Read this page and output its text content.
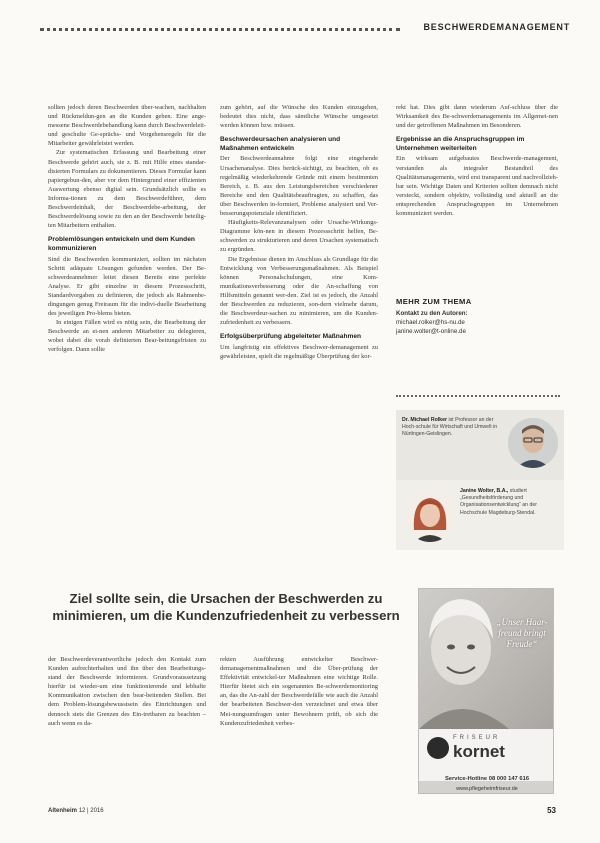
BESCHWERDEMANAGEMENT

sollten jedoch deren Beschwerden über-wachen, nachhalten und Rückmeldun-gen an die Kunden geben. Eine ange-messene Beschwerdebehandlung kann durch Beschwerdeleit- und geschulte Ge-sprächs- und Vorgehensregeln für die Mitarbeiter gewährleistet werden.

Zur systematischen Erfassung und Bearbeitung einer Beschwerde gehört auch, sie z. B. mit Hilfe eines standar-disierten Formulars zu dokumentieren. Dieses Formular kann papiergebun-den, aber vor dem Hintergrund einer effizienten Auswertung ebenso digital sein. Grundsätzlich sollte es Informa-tionen zu dem Beschwerdeführer, dem Beschwerdeinhalt, der Beschwerdebe-arbeitung, der Beschwerdelösung sowie zu den an der Beschwerde beteilig-ten Mitarbeitern enthalten.

Problemlösungen entwickeln und dem Kunden kommunizieren

Sind die Beschwerden kommuniziert, sollten im nächsten Schritt adäquate Lösungen gefunden werden. Der Be-schwerdeannehmer leitet diesen Bereits eine perfekte Analyse. Er gibt einzelne in diesem Prozessschritt, Standardvorgaben zu definieren, die jedoch als Rahmenbe-dingungen genug Freiraum für die indivi-duelle Bearbeitung des jeweiligen Pro-blems bieten.

In einigen Fällen wird es nötig sein, die Bearbeitung der Beschwerde an ei-nen anderen Mitarbeiter zu delegieren, wobei dabei die vorab definierten Bear-beitungsfristen zu verfolgen. Dann sollte

zum gehört, auf die Wünsche des Kunden einzugehen, bedeutet dies nicht, dass sämtliche Wünsche umgesetzt werden können bzw. müssen.

Beschwerdeursachen analysieren und Maßnahmen entwickeln

Der Beschwerdeannahme folgt eine eingehende Ursachenanalyse. Dies berück-sichtigt, zu beachten, ob es regelmäßig wiederkehrende Gründe mit einem bestimmten Bereich, z. B. aus den Leistungsbereichen verschiedener Bereiche und den Qualitätsbeauftragten, zu schaffen, das über Beschwerden in-formiert, Probleme analysiert und Ver-besserungspotenziale identifiziert.

Häufigkeits-Relevanzanalysen oder Ursache-Wirkungs-Diagramme kön-nen in diesem Prozessschritt helfen, Be-schwerden zu strukturieren und deren Ursachen systematisch zu ergründen.

Die Ergebnisse dienen im Anschluss als Grundlage für die Entwicklung von Verbesserungsmaßnahmen. Als Beispiel können Personalschulungen, eine Kom-munikationsverbesserung oder die An-schaffung von Hilfsmitteln genannt wer-den. Ziel ist es jedoch, die Anzahl der Beschwerden zu reduzieren, son-dern vielmehr darum, die Beschwerdeur-sachen zu minimieren, um die Kunden-zufriedenheit zu verbessern.

Erfolgsüberprüfung abgeleiteter Maßnahmen

Um langfristig ein effektives Beschwer-demanagement zu gewährleisten, spielt die regelmäßige Überprüfung der kor-

rekt hat. Dies gibt dann wiederum Auf-schluss über die Wirksamkeit des Be-schwerdemanagements im Allgemei-nen und der getroffenen Maßnahmen im Besonderen.

Ergebnisse an die Anspruchsgruppen im Unternehmen weiterleiten

Ein wirksam aufgebautes Beschwerde-management, verstanden als integraler Bestandteil des Qualitätsmanagements, wird erst transparent und nachvollzieh-bar sein. Wichtige Daten und Kriterien sollten demnach nicht versteckt, sondern objektiv, vollständig und aktuell an die entsprechenden Anspruchsgruppen im Unternehmen kommuniziert werden.

MEHR ZUM THEMA
Kontakt zu den Autoren:
michael.rolker@hs-nu.de
janine.wolter@t-online.de
Dr. Michael Rolker ist Professor an der Hoch-schule für Wirtschaft und Umwelt in Nürtingen-Geislingen.
Janine Wolter, B.A., studiert „Gesundheitsförderung und Organisationsentwicklung“ an der Hochschule Magdeburg-Stendal.
Ziel sollte sein, die Ursachen der Beschwerden zu minimieren, um die Kundenzufriedenheit zu verbessern

der Beschwerdeverantwortliche jedoch den Kontakt zum Kunden aufrechterhalten und ihn über den Bearbeitungs-stand der Beschwerde informieren. Grundvoraussetzung hierfür ist wieder-um eine funktionierende und lebhafte Kommunikation zwischen den bear-beitenden Stellen. Bei dem Problem-lösungsbewusstsein des Einrichtungen und dennoch stets die Grenzen des Ein-tretbaren zu beachten – auch wenn es da-

rekten Ausführung entwickelter Beschwer-demanagementmaßnahmen und die Über-prüfung der Effektivität entwickel-ter Maßnahmen eine wichtige Rolle. Hierfür bietet sich ein sogenanntes Be-schwerdemonitoring an, das die An-zahl der Beschwerdefälle wie auch die Anzahl der bearbeiteten Beschwer-den verzeichnet und etwa über Mei-nungsumfragen unter Bewohnern prüft, ob sich die Kundenzufriedenheit verbes-

„Unser Haar-freund bringt Freude“
FRISEUR
kornet
Service-Hotline 08 000 147 616
www.pflegeheimfriseur.de
Altenheim 12 | 2016	53
